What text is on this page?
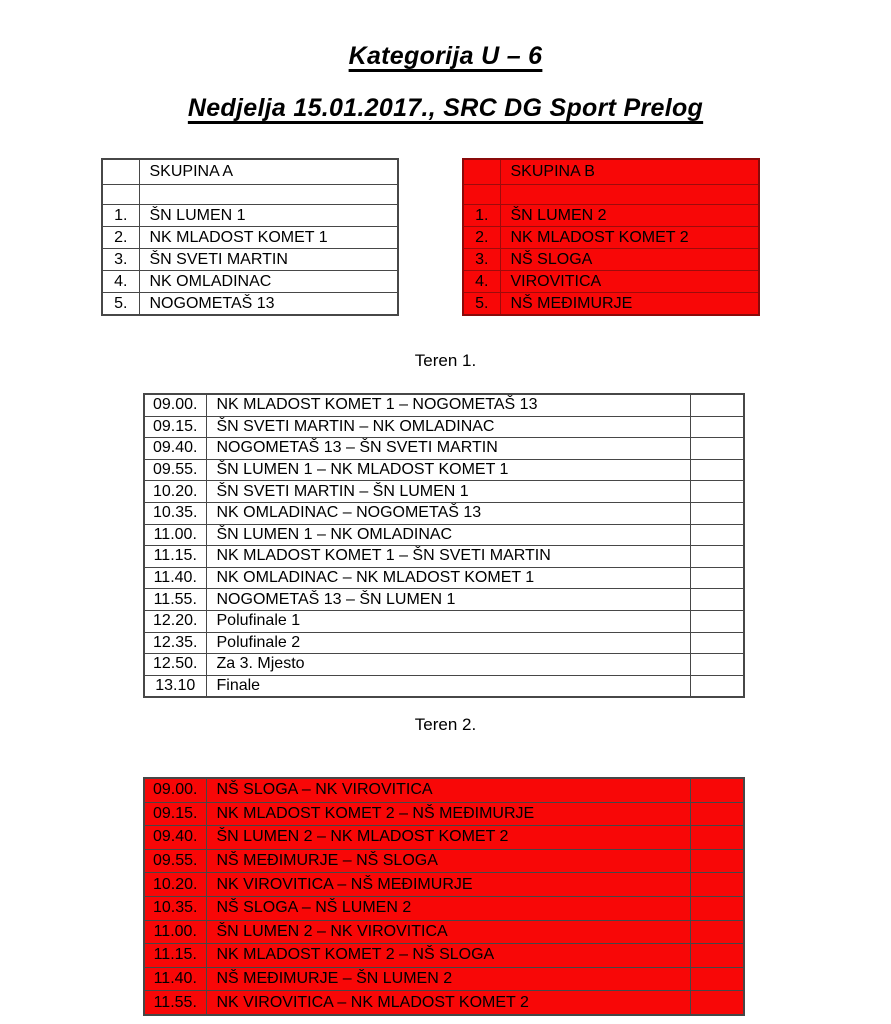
Kategorija U – 6
Nedjelja 15.01.2017., SRC DG Sport Prelog
	SKUPINA A

1.	ŠN LUMEN 1
2.	NK MLADOST KOMET 1
3.	ŠN SVETI MARTIN
4.	NK OMLADINAC
5.	NOGOMETAŠ 13
	SKUPINA B

1.	ŠN LUMEN 2
2.	NK MLADOST KOMET 2
3.	NŠ SLOGA
4.	VIROVITICA
5.	NŠ MEĐIMURJE
Teren 1.
09.00.	NK MLADOST KOMET 1 – NOGOMETAŠ 13	
09.15.	ŠN SVETI MARTIN – NK OMLADINAC	
09.40.	NOGOMETAŠ 13 – ŠN SVETI MARTIN	
09.55.	ŠN LUMEN 1 – NK MLADOST KOMET 1	
10.20.	ŠN SVETI MARTIN – ŠN LUMEN 1	
10.35.	NK OMLADINAC – NOGOMETAŠ 13	
11.00.	ŠN LUMEN 1 – NK OMLADINAC	
11.15.	NK MLADOST KOMET 1 – ŠN SVETI MARTIN	
11.40.	NK OMLADINAC – NK MLADOST KOMET 1	
11.55.	NOGOMETAŠ 13 – ŠN LUMEN 1	
12.20.	Polufinale 1	
12.35.	Polufinale 2	
12.50.	Za 3. Mjesto	
13.10	Finale	
Teren 2.
09.00.	NŠ SLOGA – NK VIROVITICA	
09.15.	NK MLADOST KOMET 2 – NŠ MEĐIMURJE	
09.40.	ŠN LUMEN 2 – NK MLADOST KOMET 2	
09.55.	NŠ MEĐIMURJE – NŠ SLOGA	
10.20.	NK VIROVITICA – NŠ MEĐIMURJE	
10.35.	NŠ SLOGA – NŠ LUMEN 2	
11.00.	ŠN LUMEN 2 – NK VIROVITICA	
11.15.	NK MLADOST KOMET 2 – NŠ SLOGA	
11.40.	NŠ MEĐIMURJE – ŠN LUMEN 2	
11.55.	NK VIROVITICA – NK MLADOST KOMET 2	
